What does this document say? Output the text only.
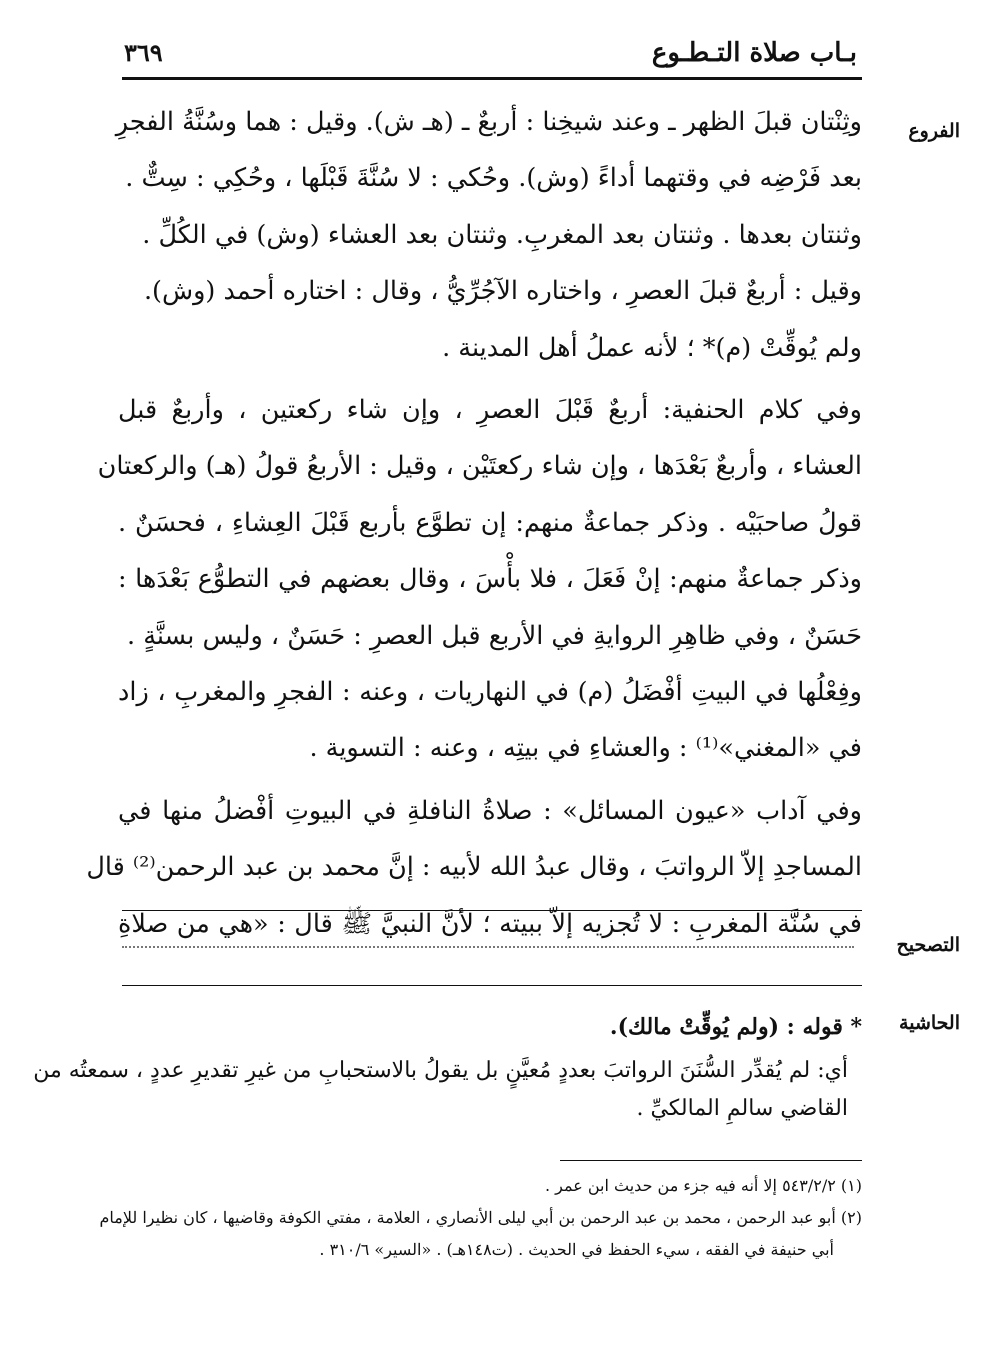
بـاب صلاة التـطـوع
٣٦٩
الفروع
التصحيح
الحاشية

وثِنْتان قبلَ الظهر ـ وعند شيخِنا : أربعٌ ـ (هـ ش). وقيل : هما وسُنَّةُ الفجرِ
بعد فَرْضِه في وقتهما أداءً (وش). وحُكي : لا سُنَّةَ قَبْلَها ، وحُكِي : سِتٌّ .

وثنتان بعدها . وثنتان بعد المغربِ. وثنتان بعد العشاء (وش) في الكُلِّ .

وقيل : أربعٌ قبلَ العصرِ ، واختاره الآجُرِّيُّ ، وقال : اختاره أحمد (وش).

ولم يُوقِّتْ (م)* ؛ لأنه عملُ أهل المدينة .

وفي كلام الحنفية: أربعٌ قَبْلَ العصرِ ، وإن شاء ركعتين ، وأربعٌ قبل
العشاء ، وأربعٌ بَعْدَها ، وإن شاء ركعتَيْن ، وقيل : الأربعُ قولُ (هـ) والركعتان
قولُ صاحبَيْه . وذكر جماعةٌ منهم: إن تطوَّع بأربع قَبْلَ العِشاءِ ، فحسَنٌ .
وذكر جماعةٌ منهم: إنْ فَعَلَ ، فلا بأْسَ ، وقال بعضهم في التطوُّع بَعْدَها :
حَسَنٌ ، وفي ظاهِرِ الروايةِ في الأربع قبل العصرِ : حَسَنٌ ، وليس بسنَّةٍ .

وفِعْلُها في البيتِ أفْضَلُ (م) في النهاريات ، وعنه : الفجرِ والمغربِ ، زاد
في «المغني»⁽¹⁾ : والعشاءِ في بيتِه ، وعنه : التسوية .

وفي آداب «عيون المسائل» : صلاةُ النافلةِ في البيوتِ أفْضلُ منها في
المساجدِ إلاّ الرواتبَ ، وقال عبدُ الله لأبيه : إنَّ محمد بن عبد الرحمن⁽²⁾ قال
في سُنَّة المغربِ : لا تُجزيه إلاّ ببيته ؛ لأنَّ النبيَّ ﷺ قال : «هي من صلاةِ

* قوله : (ولم يُوقِّتْ مالك).
أي: لم يُقدِّر السُّنَنَ الرواتبَ بعددٍ مُعيَّنٍ بل يقولُ بالاستحبابِ من غيرِ تقديرِ عددٍ ، سمعتُه من
القاضي سالمِ المالكيِّ .
(١) ٥٤٣/٢/٢ إلا أنه فيه جزء من حديث ابن عمر .
(٢) أبو عبد الرحمن ، محمد بن عبد الرحمن بن أبي ليلى الأنصاري ، العلامة ، مفتي الكوفة وقاضيها ، كان نظيرا للإمام
أبي حنيفة في الفقه ، سيء الحفظ في الحديث . (ت١٤٨هـ) . «السير» ٣١٠/٦ .
